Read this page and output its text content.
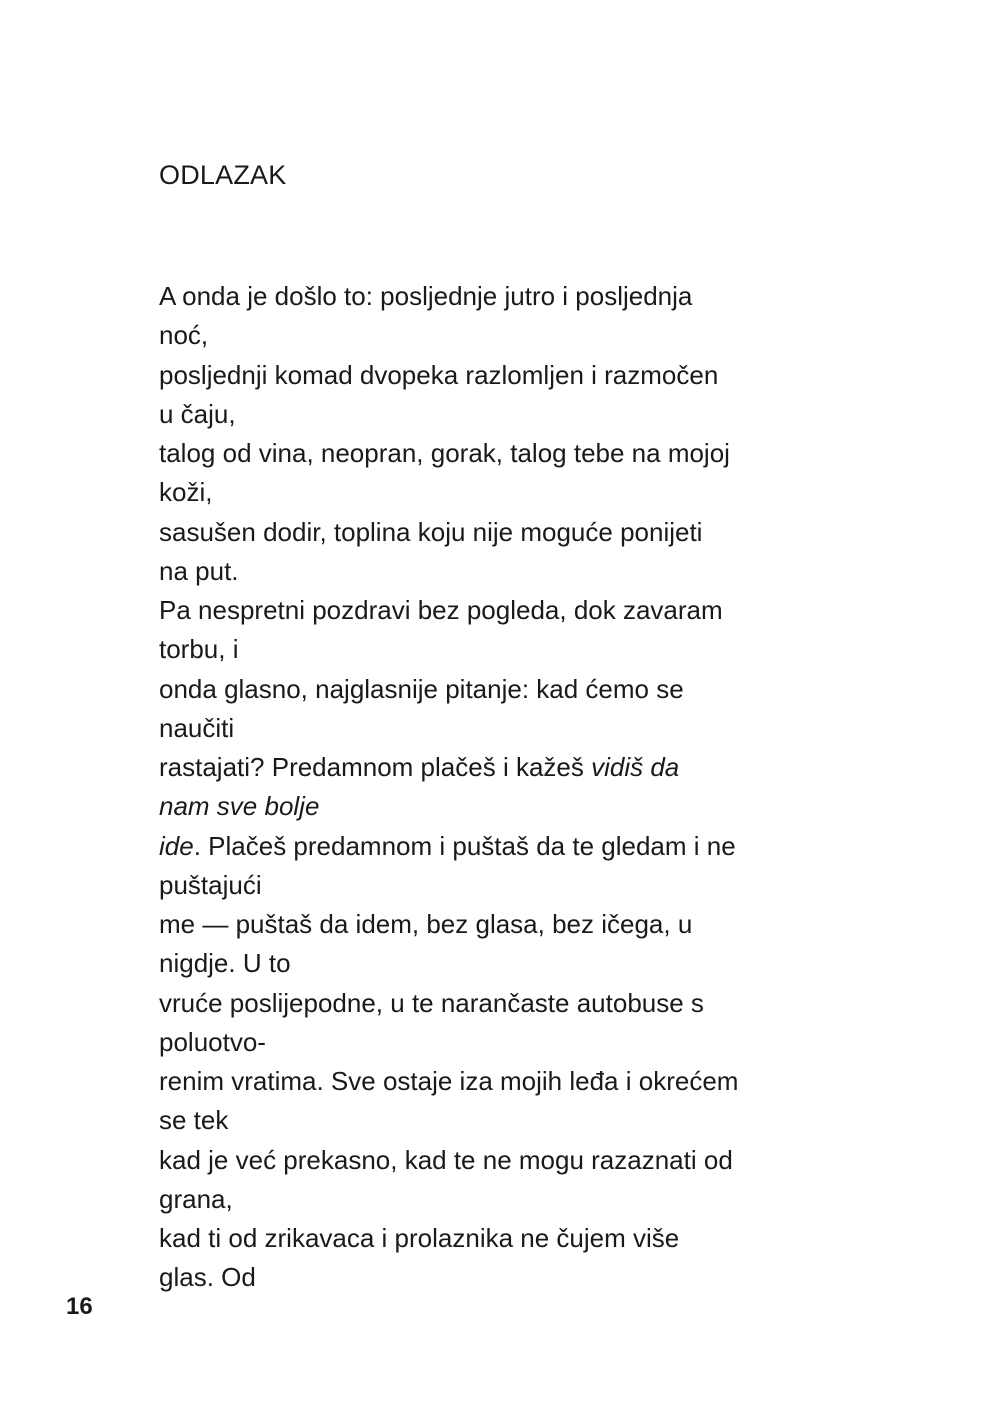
ODLAZAK
A onda je došlo to: posljednje jutro i posljednja
noć,
posljednji komad dvopeka razlomljen i razmočen
u čaju,
talog od vina, neopran, gorak, talog tebe na mojoj
koži,
sasušen dodir, toplina koju nije moguće ponijeti
na put.
Pa nespretni pozdravi bez pogleda, dok zavaram
torbu, i
onda glasno, najglasnije pitanje: kad ćemo se
naučiti
rastajati? Predamnom plačeš i kažeš vidiš da
nam sve bolje
ide. Plačeš predamnom i puštaš da te gledam i ne
puštajući
me — puštaš da idem, bez glasa, bez ičega, u
nigdje. U to
vruće poslijepodne, u te narančaste autobuse s
poluotvo-
renim vratima. Sve ostaje iza mojih leđa i okrećem
se tek
kad je već prekasno, kad te ne mogu razaznati od
grana,
kad ti od zrikavaca i prolaznika ne čujem više
glas. Od
16
